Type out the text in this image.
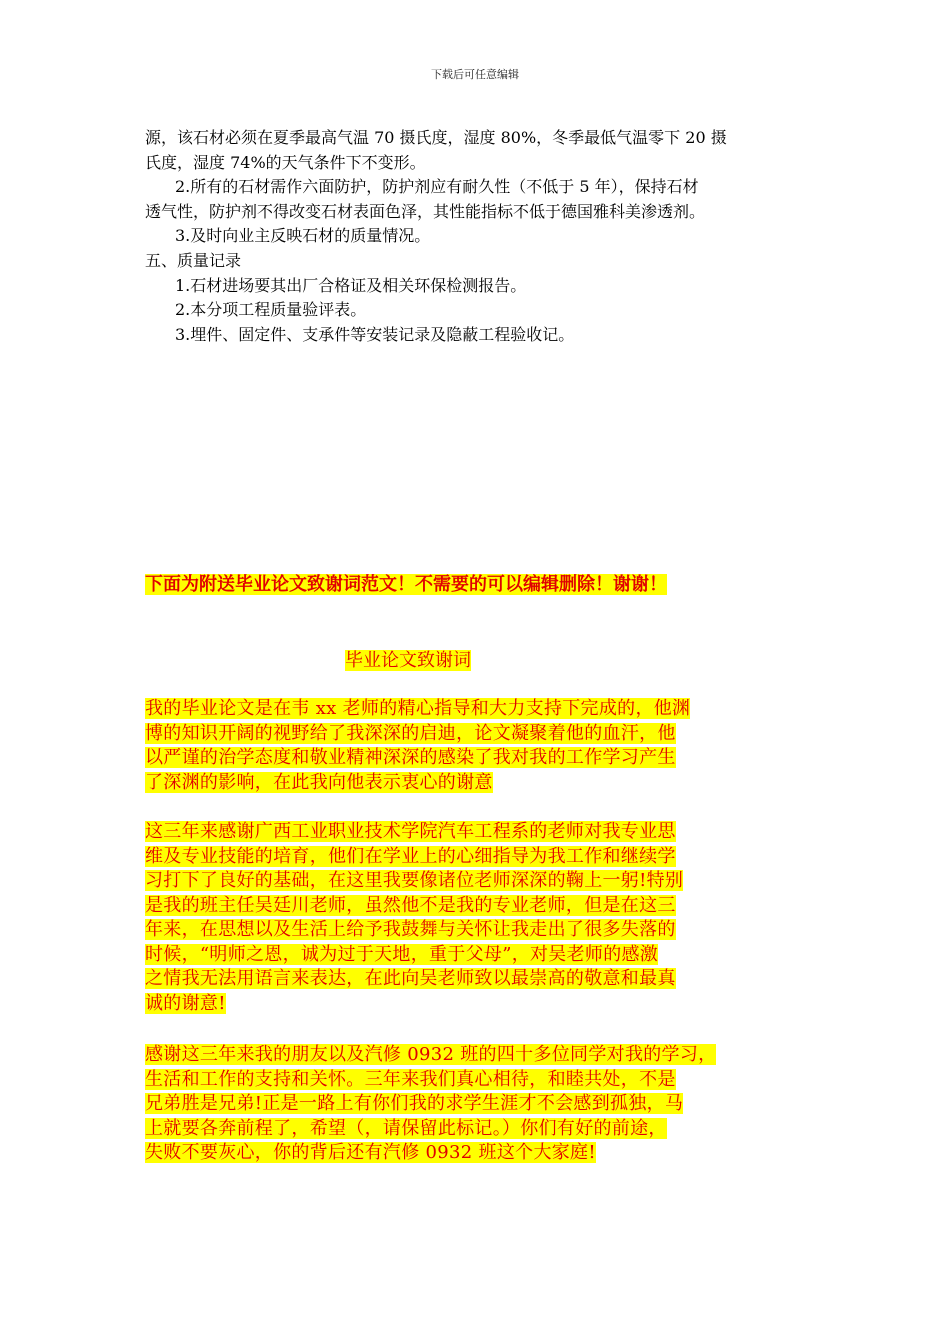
下载后可任意编辑

源，该石材必须在夏季最高气温 70 摄氏度，湿度 80%，冬季最低气温零下 20 摄

氏度，湿度 74%的天气条件下不变形。

2.所有的石材需作六面防护，防护剂应有耐久性（不低于 5 年），保持石材

透气性，防护剂不得改变石材表面色泽，其性能指标不低于德国雅科美渗透剂。

3.及时向业主反映石材的质量情况。

五、质量记录

1.石材进场要其出厂合格证及相关环保检测报告。

2.本分项工程质量验评表。

3.埋件、固定件、支承件等安装记录及隐蔽工程验收记。

下面为附送毕业论文致谢词范文！不需要的可以编辑删除！谢谢！
毕业论文致谢词
我的毕业论文是在韦 xx 老师的精心指导和大力支持下完成的，他渊
博的知识开阔的视野给了我深深的启迪，论文凝聚着他的血汗，他
以严谨的治学态度和敬业精神深深的感染了我对我的工作学习产生
了深渊的影响，在此我向他表示衷心的谢意
这三年来感谢广西工业职业技术学院汽车工程系的老师对我专业思
维及专业技能的培育，他们在学业上的心细指导为我工作和继续学
习打下了良好的基础，在这里我要像诸位老师深深的鞠上一躬!特别
是我的班主任吴廷川老师，虽然他不是我的专业老师，但是在这三
年来，在思想以及生活上给予我鼓舞与关怀让我走出了很多失落的
时候，“明师之恩，诚为过于天地，重于父母”，对吴老师的感激
之情我无法用语言来表达，在此向吴老师致以最崇高的敬意和最真
诚的谢意!
感谢这三年来我的朋友以及汽修 0932 班的四十多位同学对我的学习，
生活和工作的支持和关怀。三年来我们真心相待，和睦共处，不是
兄弟胜是兄弟!正是一路上有你们我的求学生涯才不会感到孤独，马
上就要各奔前程了，希望（，请保留此标记。）你们有好的前途，
失败不要灰心，你的背后还有汽修 0932 班这个大家庭!
